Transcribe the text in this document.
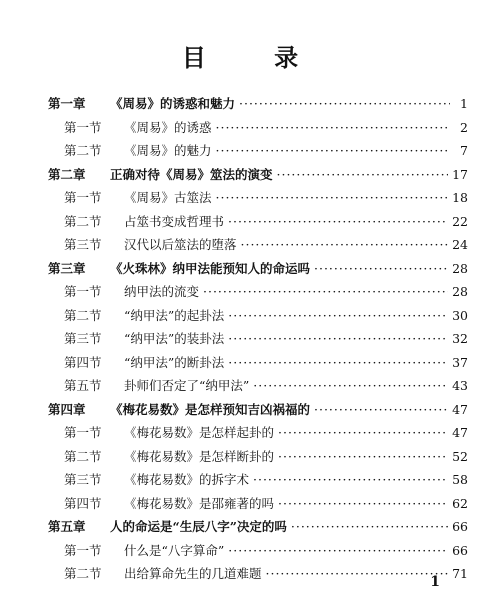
目 录
第一章	《周易》的诱惑和魅力 ·····	1
第一节	《周易》的诱惑 ·····	2
第二节	《周易》的魅力 ·····	7
第二章	正确对待《周易》筮法的演变 ·····	17
第一节	《周易》古筮法 ·····	18
第二节	占筮书变成哲理书 ·····	22
第三节	汉代以后筮法的堕落 ·····	24
第三章	《火珠林》纳甲法能预知人的命运吗 ·····	28
第一节	纳甲法的流变 ·····	28
第二节	“纳甲法”的起卦法 ·····	30
第三节	“纳甲法”的装卦法 ·····	32
第四节	“纳甲法”的断卦法 ·····	37
第五节	卦师们否定了“纳甲法” ·····	43
第四章	《梅花易数》是怎样预知吉凶祸福的 ·····	47
第一节	《梅花易数》是怎样起卦的 ·····	47
第二节	《梅花易数》是怎样断卦的 ·····	52
第三节	《梅花易数》的拆字术 ·····	58
第四节	《梅花易数》是邵雍著的吗 ·····	62
第五章	人的命运是“生辰八字”决定的吗 ·····	66
第一节	什么是“八字算命” ·····	66
第二节	出给算命先生的几道难题 ·····	71
1
